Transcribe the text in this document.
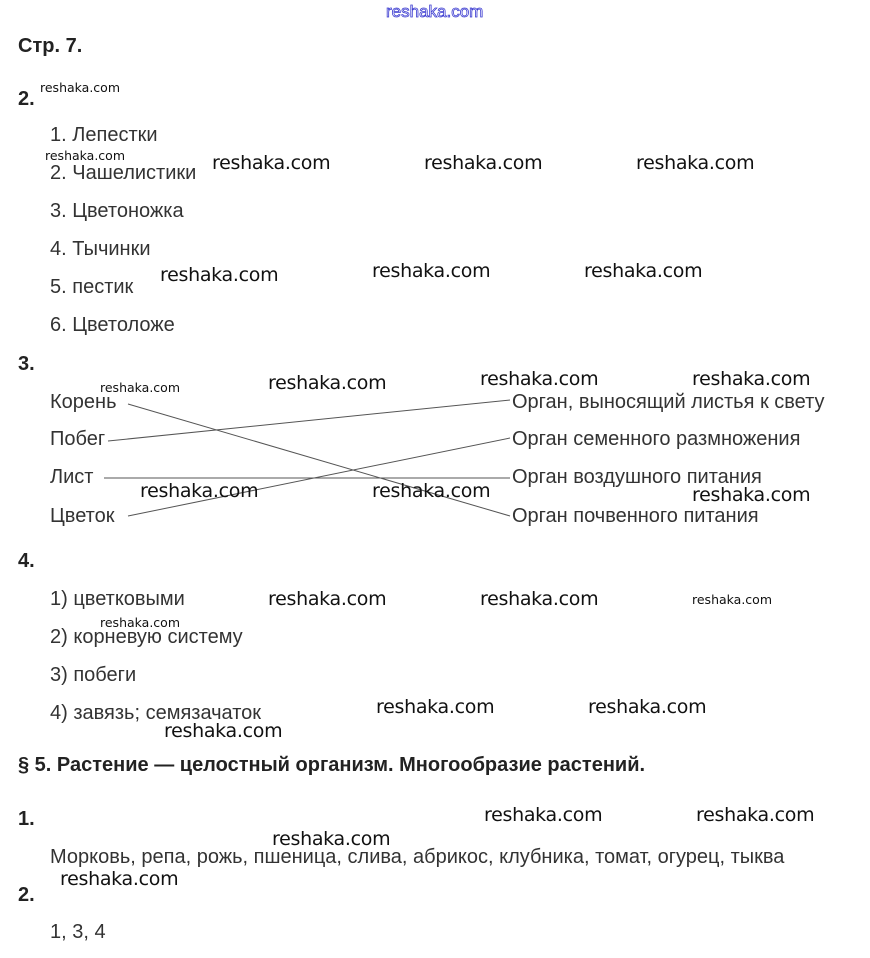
reshaka.com
Стр. 7.
2.
1. Лепестки
2. Чашелистики
3. Цветоножка
4. Тычинки
5. пестик
6. Цветоложе
3.
Корень
Побег
Лист
Цветок
Орган, выносящий листья к свету
Орган семенного размножения
Орган воздушного питания
Орган почвенного питания
4.
1) цветковыми
2) корневую систему
3) побеги
4) завязь; семязачаток
§ 5. Растение — целостный организм. Многообразие растений.
1.
Морковь, репа, рожь, пшеница, слива, абрикос, клубника, томат, огурец, тыква
2.
1, 3, 4
reshaka.com
reshaka.com	reshaka.com	reshaka.com	reshaka.com
reshaka.com	reshaka.com	reshaka.com
reshaka.com	reshaka.com	reshaka.com	reshaka.com
reshaka.com	reshaka.com	reshaka.com
reshaka.com	reshaka.com	reshaka.com
reshaka.com
reshaka.com	reshaka.com
reshaka.com
reshaka.com	reshaka.com
reshaka.com
reshaka.com
